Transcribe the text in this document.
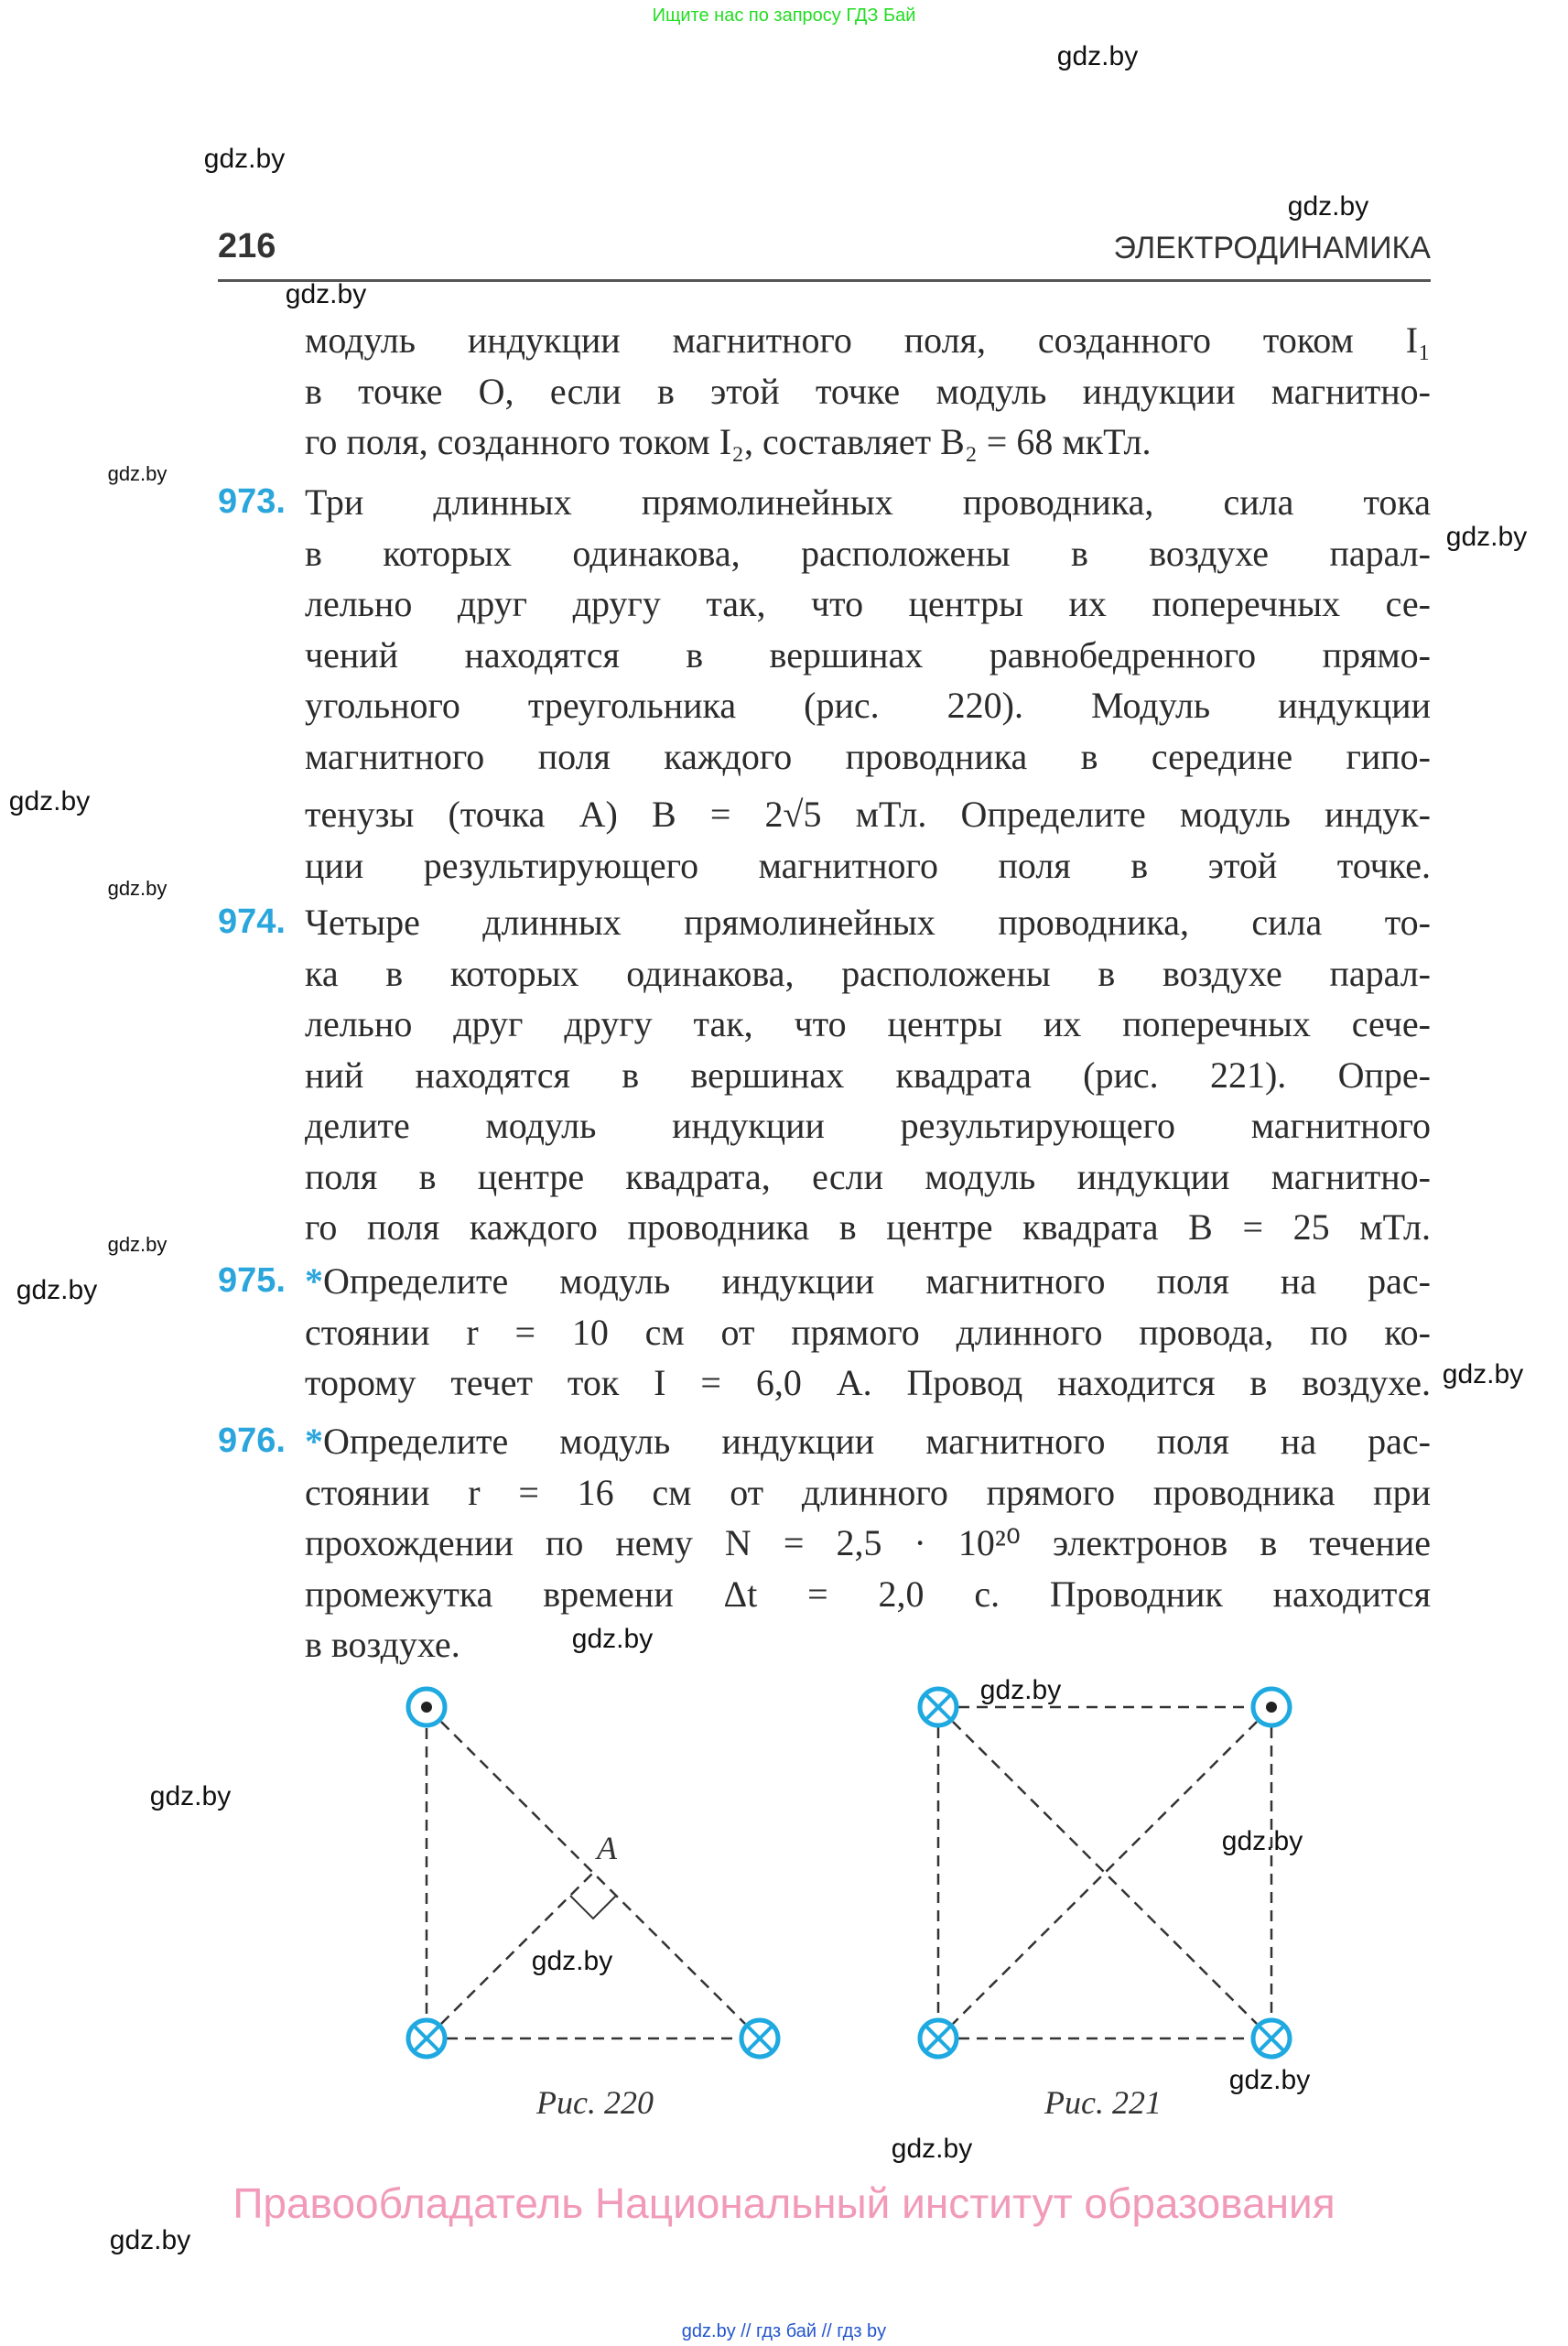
Ищите нас по запросу ГДЗ Бай
216	ЭЛЕКТРОДИНАМИКА
модуль индукции магнитного поля, созданного током I₁
в точке O, если в этой точке модуль индукции магнитно-
го поля, созданного током I₂, составляет B₂ = 68 мкТл.
973. Три длинных прямолинейных проводника, сила тока
в которых одинакова, расположены в воздухе парал-
лельно друг другу так, что центры их поперечных се-
чений находятся в вершинах равнобедренного прямо-
угольного треугольника (рис. 220). Модуль индукции
магнитного поля каждого проводника в середине гипо-
тенузы (точка A) B = 2√5 мТл. Определите модуль индук-
ции результирующего магнитного поля в этой точке.
974. Четыре длинных прямолинейных проводника, сила то-
ка в которых одинакова, расположены в воздухе парал-
лельно друг другу так, что центры их поперечных сече-
ний находятся в вершинах квадрата (рис. 221). Опре-
делите модуль индукции результирующего магнитного
поля в центре квадрата, если модуль индукции магнитно-
го поля каждого проводника в центре квадрата B = 25 мТл.
975. *Определите модуль индукции магнитного поля на рас-
стоянии r = 10 см от прямого длинного провода, по ко-
торому течет ток I = 6,0 А. Провод находится в воздухе.
976. *Определите модуль индукции магнитного поля на рас-
стоянии r = 16 см от длинного прямого проводника при
прохождении по нему N = 2,5 · 10²⁰ электронов в течение
промежутка времени Δt = 2,0 с. Проводник находится
в воздухе.
A
Рис. 220	Рис. 221
Правообладатель Национальный институт образования
gdz.by // гдз бай // гдз by
gdz.by
gdz.by
gdz.by
gdz.by
gdz.by
gdz.by
gdz.by
gdz.by
gdz.by
gdz.by
gdz.by
gdz.by
gdz.by
gdz.by
gdz.by
gdz.by
gdz.by
gdz.by
gdz.by
